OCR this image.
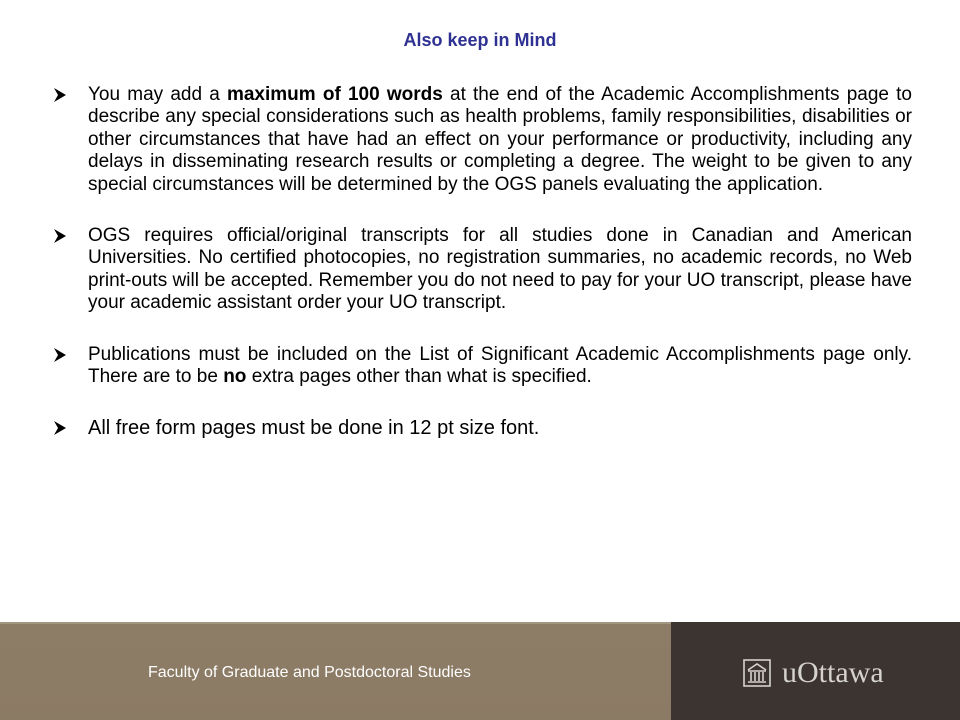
Also keep in Mind
You may add a maximum of 100 words at the end of the Academic Accomplishments page to describe any special considerations such as health problems, family responsibilities, disabilities or other circumstances that have had an effect on your performance or productivity, including any delays in disseminating research results or completing a degree. The weight to be given to any special circumstances will be determined by the OGS panels evaluating the application.
OGS requires official/original transcripts for all studies done in Canadian and American Universities. No certified photocopies, no registration summaries, no academic records, no Web print-outs will be accepted. Remember you do not need to pay for your UO transcript, please have your academic assistant order your UO transcript.
Publications must be included on the List of Significant Academic Accomplishments page only. There are to be no extra pages other than what is specified.
All free form pages must be done in 12 pt size font.
Faculty of Graduate and Postdoctoral Studies	uOttawa
